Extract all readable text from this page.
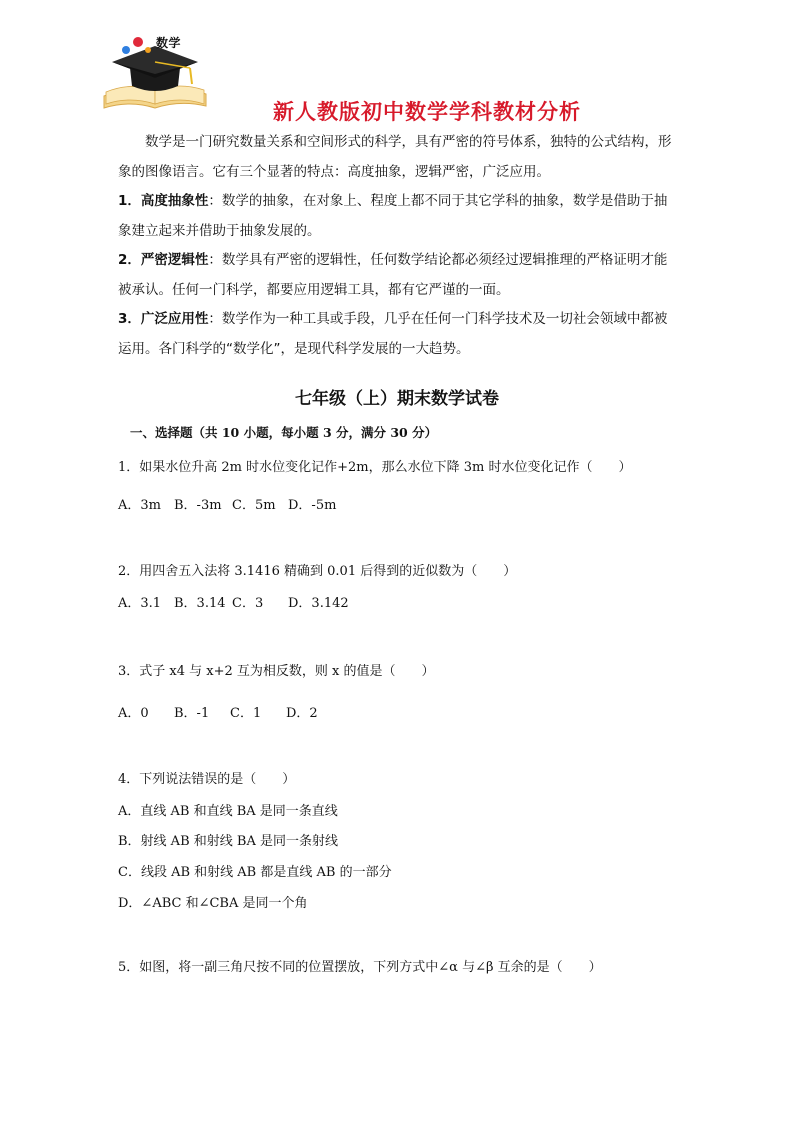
数学
新人教版初中数学学科教材分析

数学是一门研究数量关系和空间形式的科学，具有严密的符号体系，独特的公式结构，形象的图像语言。它有三个显著的特点：高度抽象，逻辑严密，广泛应用。

1．高度抽象性：数学的抽象，在对象上、程度上都不同于其它学科的抽象，数学是借助于抽象建立起来并借助于抽象发展的。

2．严密逻辑性：数学具有严密的逻辑性，任何数学结论都必须经过逻辑推理的严格证明才能被承认。任何一门科学，都要应用逻辑工具，都有它严谨的一面。

3．广泛应用性：数学作为一种工具或手段，几乎在任何一门科学技术及一切社会领域中都被运用。各门科学的“数学化”，是现代科学发展的一大趋势。

七年级（上）期末数学试卷
一、选择题（共 10 小题，每小题 3 分，满分 30 分）
1．如果水位升高 2m 时水位变化记作+2m，那么水位下降 3m 时水位变化记作（　　）
A．3m B．-3m C．5m D．-5m
2．用四舍五入法将 3.1416 精确到 0.01 后得到的近似数为（　　）
A．3.1 B．3.14 C．3 D．3.142
3．式子 x4 与 x+2 互为相反数，则 x 的值是（　　）
A．0 B．-1 C．1 D．2
4．下列说法错误的是（　　）
A．直线 AB 和直线 BA 是同一条直线
B．射线 AB 和射线 BA 是同一条射线
C．线段 AB 和射线 AB 都是直线 AB 的一部分
D．∠ABC 和∠CBA 是同一个角
5．如图，将一副三角尺按不同的位置摆放，下列方式中∠α 与∠β 互余的是（　　）
